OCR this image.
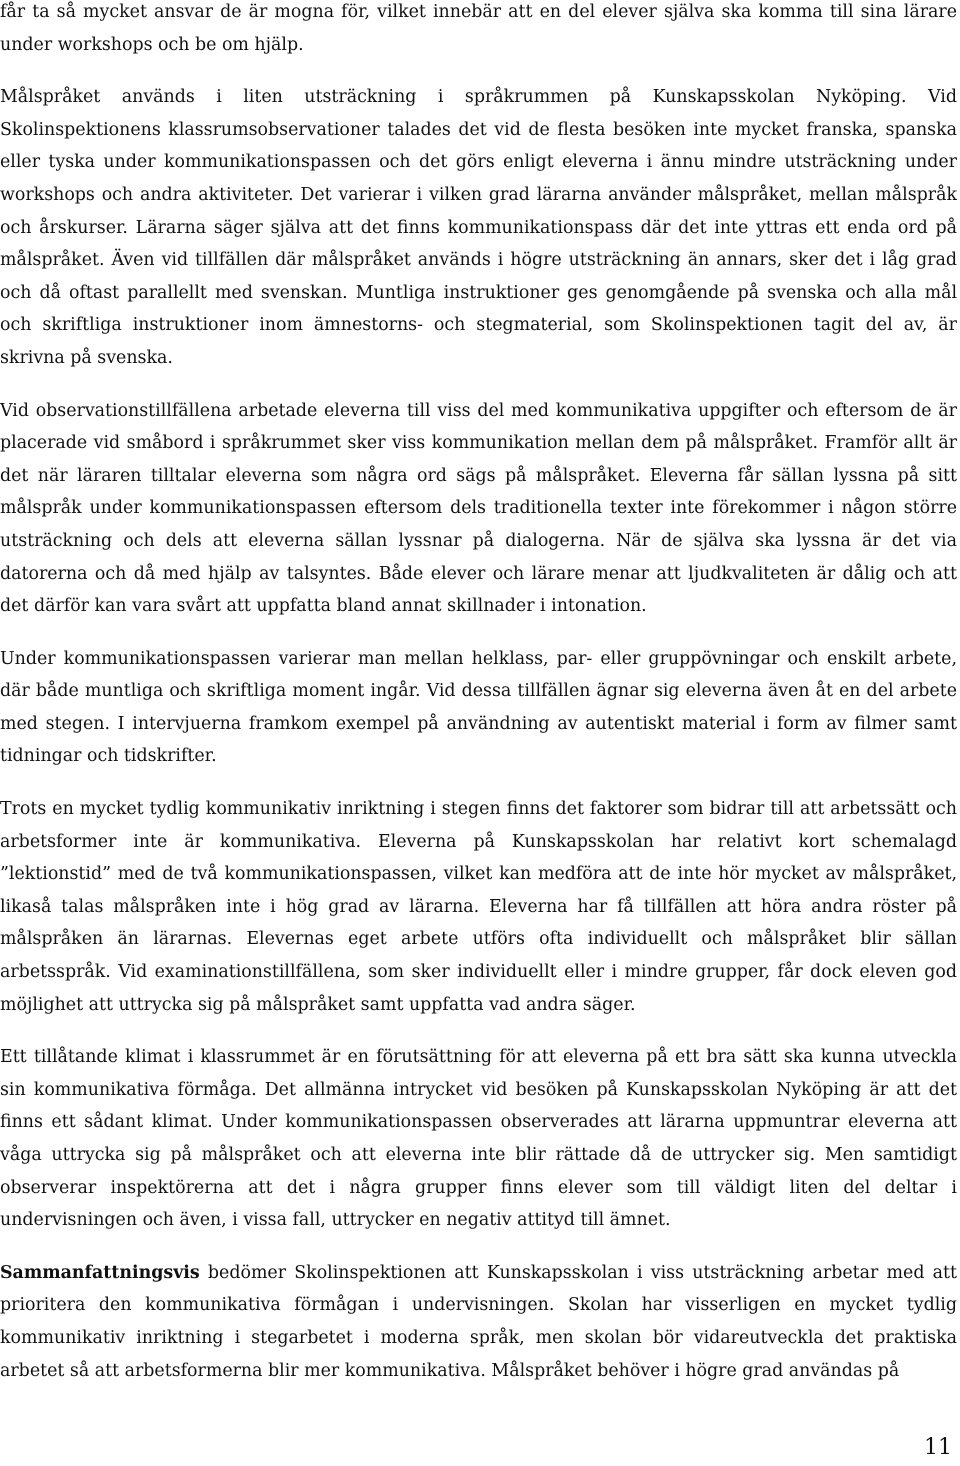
får ta så mycket ansvar de är mogna för, vilket innebär att en del elever själva ska komma till sina lärare under workshops och be om hjälp.

Målspråket används i liten utsträckning i språkrummen på Kunskapsskolan Nyköping. Vid Skolinspektionens klassrumsobservationer talades det vid de flesta besöken inte mycket franska, spanska eller tyska under kommunikationspassen och det görs enligt eleverna i ännu mindre utsträckning under workshops och andra aktiviteter. Det varierar i vilken grad lärarna använder målspråket, mellan målspråk och årskurser. Lärarna säger själva att det finns kommunikationspass där det inte yttras ett enda ord på målspråket. Även vid tillfällen där målspråket används i högre utsträckning än annars, sker det i låg grad och då oftast parallellt med svenskan. Muntliga instruktioner ges genomgående på svenska och alla mål och skriftliga instruktioner inom ämnestorns- och stegmaterial, som Skolinspektionen tagit del av, är skrivna på svenska.

Vid observationstillfällena arbetade eleverna till viss del med kommunikativa uppgifter och eftersom de är placerade vid småbord i språkrummet sker viss kommunikation mellan dem på målspråket. Framför allt är det när läraren tilltalar eleverna som några ord sägs på målspråket. Eleverna får sällan lyssna på sitt målspråk under kommunikationspassen eftersom dels traditionella texter inte förekommer i någon större utsträckning och dels att eleverna sällan lyssnar på dialogerna. När de själva ska lyssna är det via datorerna och då med hjälp av talsyntes. Både elever och lärare menar att ljudkvaliteten är dålig och att det därför kan vara svårt att uppfatta bland annat skillnader i intonation.

Under kommunikationspassen varierar man mellan helklass, par- eller gruppövningar och enskilt arbete, där både muntliga och skriftliga moment ingår. Vid dessa tillfällen ägnar sig eleverna även åt en del arbete med stegen. I intervjuerna framkom exempel på användning av autentiskt material i form av filmer samt tidningar och tidskrifter.

Trots en mycket tydlig kommunikativ inriktning i stegen finns det faktorer som bidrar till att arbetssätt och arbetsformer inte är kommunikativa. Eleverna på Kunskapsskolan har relativt kort schemalagd ”lektionstid” med de två kommunikationspassen, vilket kan medföra att de inte hör mycket av målspråket, likaså talas målspråken inte i hög grad av lärarna. Eleverna har få tillfällen att höra andra röster på målspråken än lärarnas. Elevernas eget arbete utförs ofta individuellt och målspråket blir sällan arbetsspråk. Vid examinationstillfällena, som sker individuellt eller i mindre grupper, får dock eleven god möjlighet att uttrycka sig på målspråket samt uppfatta vad andra säger.

Ett tillåtande klimat i klassrummet är en förutsättning för att eleverna på ett bra sätt ska kunna utveckla sin kommunikativa förmåga. Det allmänna intrycket vid besöken på Kunskapsskolan Nyköping är att det finns ett sådant klimat. Under kommunikationspassen observerades att lärarna uppmuntrar eleverna att våga uttrycka sig på målspråket och att eleverna inte blir rättade då de uttrycker sig. Men samtidigt observerar inspektörerna att det i några grupper finns elever som till väldigt liten del deltar i undervisningen och även, i vissa fall, uttrycker en negativ attityd till ämnet.

Sammanfattningsvis bedömer Skolinspektionen att Kunskapsskolan i viss utsträckning arbetar med att prioritera den kommunikativa förmågan i undervisningen. Skolan har visserligen en mycket tydlig kommunikativ inriktning i stegarbetet i moderna språk, men skolan bör vidareutveckla det praktiska arbetet så att arbetsformerna blir mer kommunikativa. Målspråket behöver i högre grad användas på

11
